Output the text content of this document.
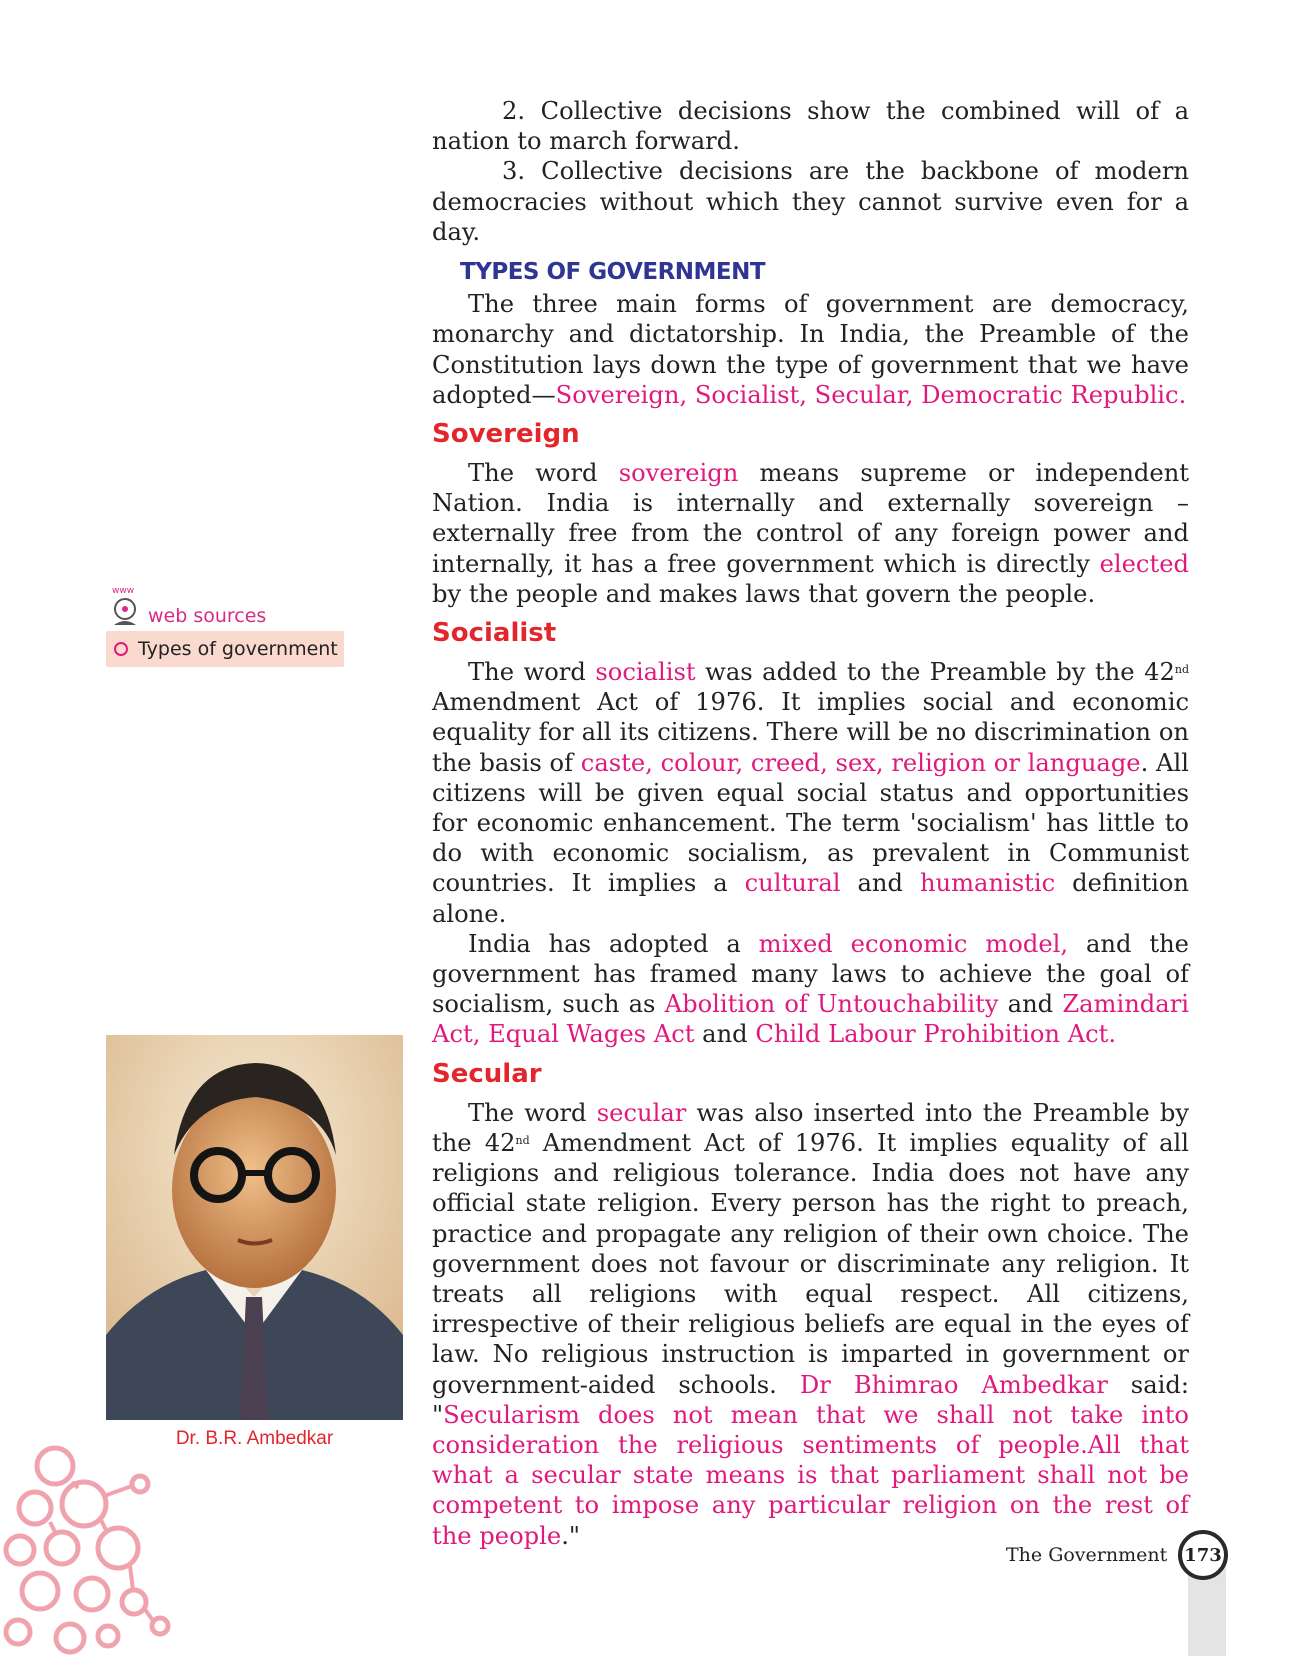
2. Collective decisions show the combined will of a nation to march forward.

3. Collective decisions are the backbone of modern democracies without which they cannot survive even for a day.

TYPES OF GOVERNMENT

The three main forms of government are democracy, monarchy and dictatorship. In India, the Preamble of the Constitution lays down the type of government that we have adopted—Sovereign, Socialist, Secular, Democratic Republic.

Sovereign

The word sovereign means supreme or independent Nation. India is internally and externally sovereign – externally free from the control of any foreign power and internally, it has a free government which is directly elected by the people and makes laws that govern the people.

Socialist

The word socialist was added to the Preamble by the 42nd Amendment Act of 1976. It implies social and economic equality for all its citizens. There will be no discrimination on the basis of caste, colour, creed, sex, religion or language. All citizens will be given equal social status and opportunities for economic enhancement. The term 'socialism' has little to do with economic socialism, as prevalent in Communist countries. It implies a cultural and humanistic definition alone.

India has adopted a mixed economic model, and the government has framed many laws to achieve the goal of socialism, such as Abolition of Untouchability and Zamindari Act, Equal Wages Act and Child Labour Prohibition Act.

Secular

The word secular was also inserted into the Preamble by the 42nd Amendment Act of 1976. It implies equality of all religions and religious tolerance. India does not have any official state religion. Every person has the right to preach, practice and propagate any religion of their own choice. The government does not favour or discriminate any religion. It treats all religions with equal respect. All citizens, irrespective of their religious beliefs are equal in the eyes of law. No religious instruction is imparted in government or government-aided schools. Dr Bhimrao Ambedkar said: "Secularism does not mean that we shall not take into consideration the religious sentiments of people.All that what a secular state means is that parliament shall not be competent to impose any particular religion on the rest of the people."

www
web sources
Types of government
Dr. B.R. Ambedkar
The Government 173
